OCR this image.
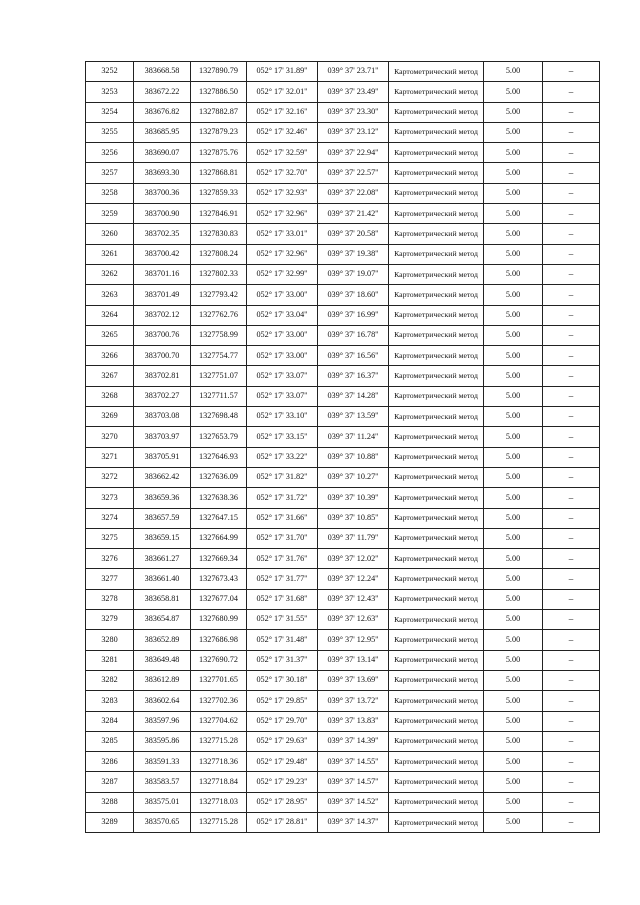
3252	383668.58	1327890.79	052° 17' 31.89"	039° 37' 23.71"	Картометрический метод	5.00	–
3253	383672.22	1327886.50	052° 17' 32.01"	039° 37' 23.49"	Картометрический метод	5.00	–
3254	383676.82	1327882.87	052° 17' 32.16"	039° 37' 23.30"	Картометрический метод	5.00	–
3255	383685.95	1327879.23	052° 17' 32.46"	039° 37' 23.12"	Картометрический метод	5.00	–
3256	383690.07	1327875.76	052° 17' 32.59"	039° 37' 22.94"	Картометрический метод	5.00	–
3257	383693.30	1327868.81	052° 17' 32.70"	039° 37' 22.57"	Картометрический метод	5.00	–
3258	383700.36	1327859.33	052° 17' 32.93"	039° 37' 22.08"	Картометрический метод	5.00	–
3259	383700.90	1327846.91	052° 17' 32.96"	039° 37' 21.42"	Картометрический метод	5.00	–
3260	383702.35	1327830.83	052° 17' 33.01"	039° 37' 20.58"	Картометрический метод	5.00	–
3261	383700.42	1327808.24	052° 17' 32.96"	039° 37' 19.38"	Картометрический метод	5.00	–
3262	383701.16	1327802.33	052° 17' 32.99"	039° 37' 19.07"	Картометрический метод	5.00	–
3263	383701.49	1327793.42	052° 17' 33.00"	039° 37' 18.60"	Картометрический метод	5.00	–
3264	383702.12	1327762.76	052° 17' 33.04"	039° 37' 16.99"	Картометрический метод	5.00	–
3265	383700.76	1327758.99	052° 17' 33.00"	039° 37' 16.78"	Картометрический метод	5.00	–
3266	383700.70	1327754.77	052° 17' 33.00"	039° 37' 16.56"	Картометрический метод	5.00	–
3267	383702.81	1327751.07	052° 17' 33.07"	039° 37' 16.37"	Картометрический метод	5.00	–
3268	383702.27	1327711.57	052° 17' 33.07"	039° 37' 14.28"	Картометрический метод	5.00	–
3269	383703.08	1327698.48	052° 17' 33.10"	039° 37' 13.59"	Картометрический метод	5.00	–
3270	383703.97	1327653.79	052° 17' 33.15"	039° 37' 11.24"	Картометрический метод	5.00	–
3271	383705.91	1327646.93	052° 17' 33.22"	039° 37' 10.88"	Картометрический метод	5.00	–
3272	383662.42	1327636.09	052° 17' 31.82"	039° 37' 10.27"	Картометрический метод	5.00	–
3273	383659.36	1327638.36	052° 17' 31.72"	039° 37' 10.39"	Картометрический метод	5.00	–
3274	383657.59	1327647.15	052° 17' 31.66"	039° 37' 10.85"	Картометрический метод	5.00	–
3275	383659.15	1327664.99	052° 17' 31.70"	039° 37' 11.79"	Картометрический метод	5.00	–
3276	383661.27	1327669.34	052° 17' 31.76"	039° 37' 12.02"	Картометрический метод	5.00	–
3277	383661.40	1327673.43	052° 17' 31.77"	039° 37' 12.24"	Картометрический метод	5.00	–
3278	383658.81	1327677.04	052° 17' 31.68"	039° 37' 12.43"	Картометрический метод	5.00	–
3279	383654.87	1327680.99	052° 17' 31.55"	039° 37' 12.63"	Картометрический метод	5.00	–
3280	383652.89	1327686.98	052° 17' 31.48"	039° 37' 12.95"	Картометрический метод	5.00	–
3281	383649.48	1327690.72	052° 17' 31.37"	039° 37' 13.14"	Картометрический метод	5.00	–
3282	383612.89	1327701.65	052° 17' 30.18"	039° 37' 13.69"	Картометрический метод	5.00	–
3283	383602.64	1327702.36	052° 17' 29.85"	039° 37' 13.72"	Картометрический метод	5.00	–
3284	383597.96	1327704.62	052° 17' 29.70"	039° 37' 13.83"	Картометрический метод	5.00	–
3285	383595.86	1327715.28	052° 17' 29.63"	039° 37' 14.39"	Картометрический метод	5.00	–
3286	383591.33	1327718.36	052° 17' 29.48"	039° 37' 14.55"	Картометрический метод	5.00	–
3287	383583.57	1327718.84	052° 17' 29.23"	039° 37' 14.57"	Картометрический метод	5.00	–
3288	383575.01	1327718.03	052° 17' 28.95"	039° 37' 14.52"	Картометрический метод	5.00	–
3289	383570.65	1327715.28	052° 17' 28.81"	039° 37' 14.37"	Картометрический метод	5.00	–
